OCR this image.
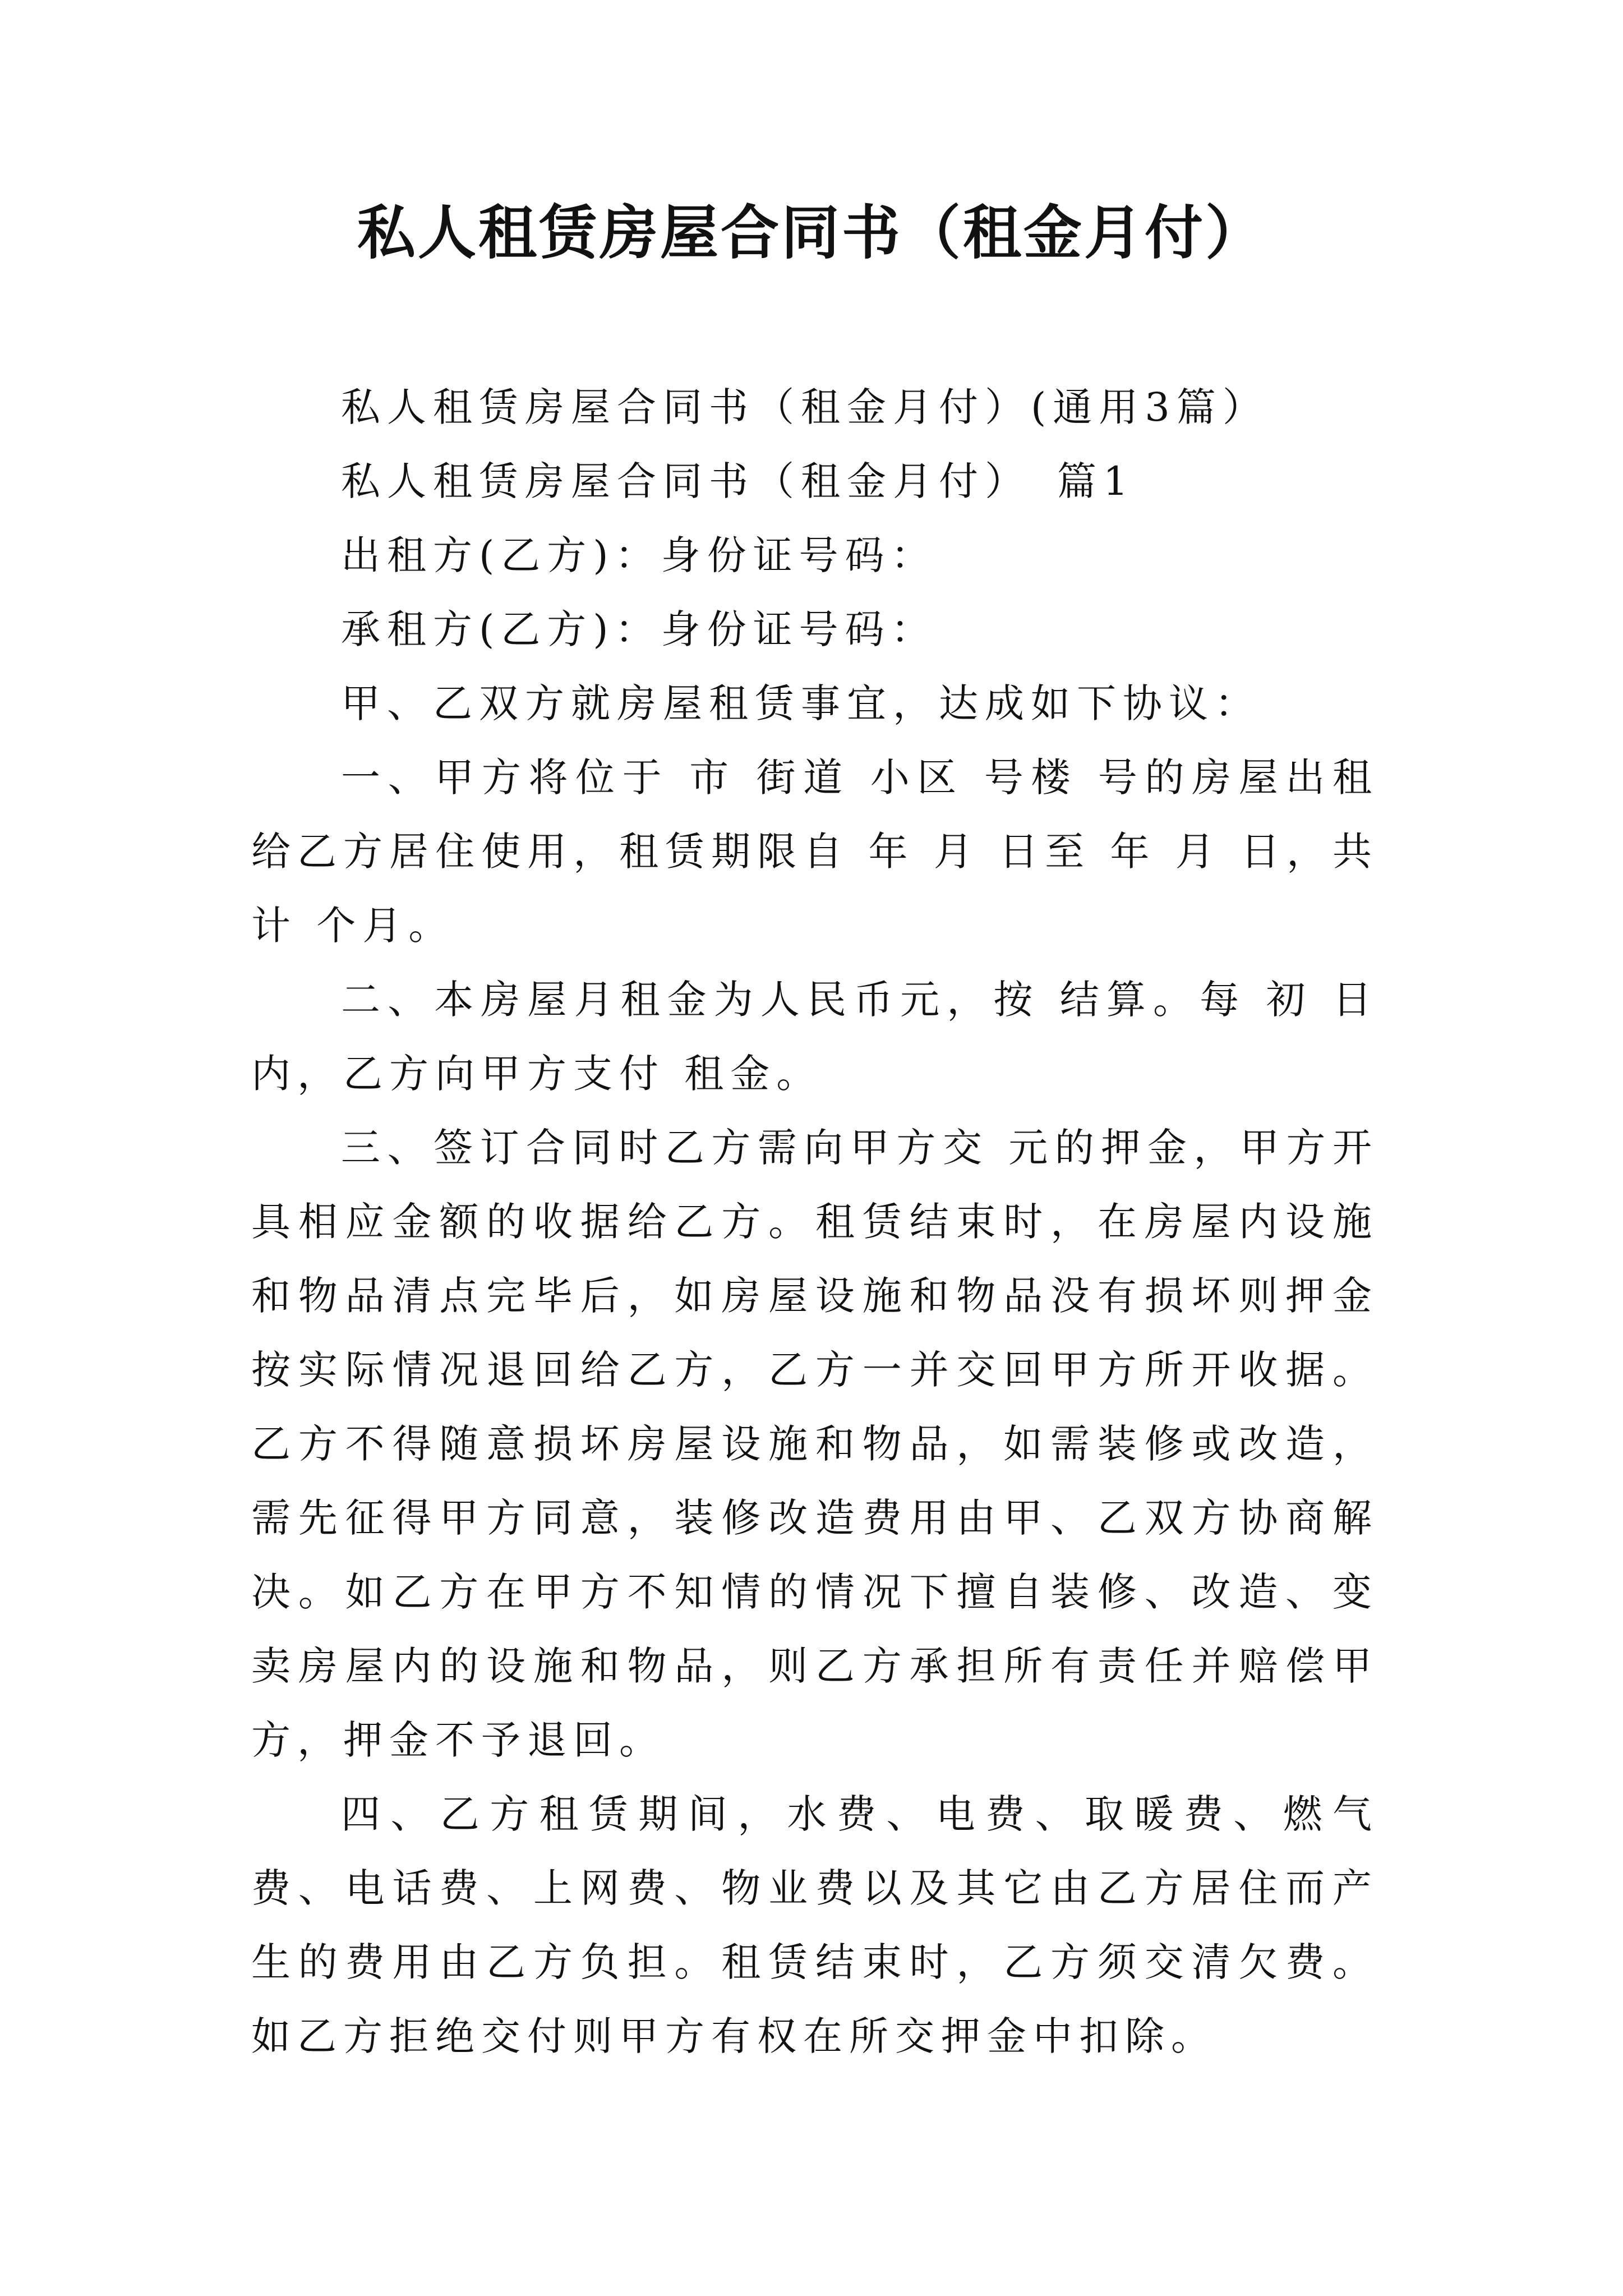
私人租赁房屋合同书（租金月付）

私人租赁房屋合同书（租金月付）(通用3篇）

私人租赁房屋合同书（租金月付）　篇1

出租方(乙方)：身份证号码：

承租方(乙方)：身份证号码：

甲、乙双方就房屋租赁事宜，达成如下协议：

一、甲方将位于 市 街道 小区 号楼 号的房屋出租给乙方居住使用，租赁期限自 年 月 日至 年 月 日，共计 个月。

二、本房屋月租金为人民币元，按 结算。每 初 日内，乙方向甲方支付 租金。

三、签订合同时乙方需向甲方交 元的押金，甲方开具相应金额的收据给乙方。租赁结束时，在房屋内设施和物品清点完毕后，如房屋设施和物品没有损坏则押金按实际情况退回给乙方，乙方一并交回甲方所开收据。乙方不得随意损坏房屋设施和物品，如需装修或改造，需先征得甲方同意，装修改造费用由甲、乙双方协商解决。如乙方在甲方不知情的情况下擅自装修、改造、变卖房屋内的设施和物品，则乙方承担所有责任并赔偿甲方，押金不予退回。

四、乙方租赁期间，水费、电费、取暖费、燃气费、电话费、上网费、物业费以及其它由乙方居住而产生的费用由乙方负担。租赁结束时，乙方须交清欠费。如乙方拒绝交付则甲方有权在所交押金中扣除。
